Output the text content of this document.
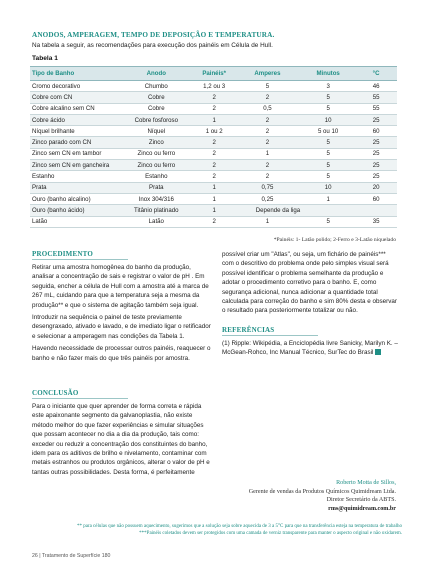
ANODOS, AMPERAGEM, TEMPO DE DEPOSIÇÃO E TEMPERATURA.
Na tabela a seguir, as recomendações para execução dos painéis em Célula de Hull.
Tabela 1
Tipo de Banho	Anodo	Painéis*	Amperes	Minutos	°C
Cromo decorativo	Chumbo	1,2 ou 3	5	3	46
Cobre com CN	Cobre	2	2	5	55
Cobre alcalino sem CN	Cobre	2	0,5	5	55
Cobre ácido	Cobre fosforoso	1	2	10	25
Níquel brilhante	Níquel	1 ou 2	2	5 ou 10	60
Zinco parado com CN	Zinco	2	2	5	25
Zinco sem CN em tambor	Zinco ou ferro	2	1	5	25
Zinco sem CN em gancheira	Zinco ou ferro	2	2	5	25
Estanho	Estanho	2	2	5	25
Prata	Prata	1	0,75	10	20
Ouro (banho alcalino)	Inox 304/316	1	0,25	1	60
Ouro (banho ácido)	Titânio platinado	1	Depende da liga		
Latão	Latão	2	1	5	35
*Painéis: 1- Latão polido; 2-Ferro e 3-Latão niquelado
PROCEDIMENTO

Retirar uma amostra homogênea do banho da produção, analisar a concentração de sais e registrar o valor de pH . Em seguida, encher a célula de Hull com a amostra até a marca de 267 mL, cuidando para que a temperatura seja a mesma da produção** e que o sistema de agitação também seja igual.

Introduzir na sequência o painel de teste previamente desengraxado, ativado e lavado, e de imediato ligar o retificador e selecionar a amperagem nas condições da Tabela 1.

Havendo necessidade de processar outros painéis, reaquecer o banho e não fazer mais do que três painéis por amostra.

CONCLUSÃO

Para o iniciante que quer aprender de forma correta e rápida este apaixonante segmento da galvanoplastia, não existe método melhor do que fazer experiências e simular situações que possam acontecer no dia a dia da produção, tais como: exceder ou reduzir a concentração dos constituintes do banho, idem para os aditivos de brilho e nivelamento, contaminar com metais estranhos ou produtos orgânicos, alterar o valor de pH e tantas outras possibilidades. Desta forma, é perfeitamente

possível criar um "Atlas", ou seja, um fichário de painéis*** com o descritivo do problema onde pelo simples visual será possível identificar o problema semelhante da produção e adotar o procedimento corretivo para o banho. E, como segurança adicional, nunca adicionar a quantidade total calculada para correção do banho e sim 80% desta e observar o resultado para posteriormente totalizar ou não.

REFERÊNCIAS
(1) Ripple: Wikipédia, a Enciclopédia livre Sanicky, Marilyn K. – McGean-Rohco, Inc Manual Técnico, SurTec do Brasil
Roberto Motta de Sillos,
Gerente de vendas da Produtos Químicos Quimidream Ltda.
Diretor Secretário da ABTS.
rms@quimidream.com.br
** para células que não possuem aquecimento, sugerimos que a solução seja sobre aquecida de 3 a 5°C para que na transferência esteja na temperatura de trabalho
***Painéis coletados devem ser protegidos com uma camada de verniz transparente para manter o aspecto original e não oxidarem.
26 | Tratamento de Superfície 180
